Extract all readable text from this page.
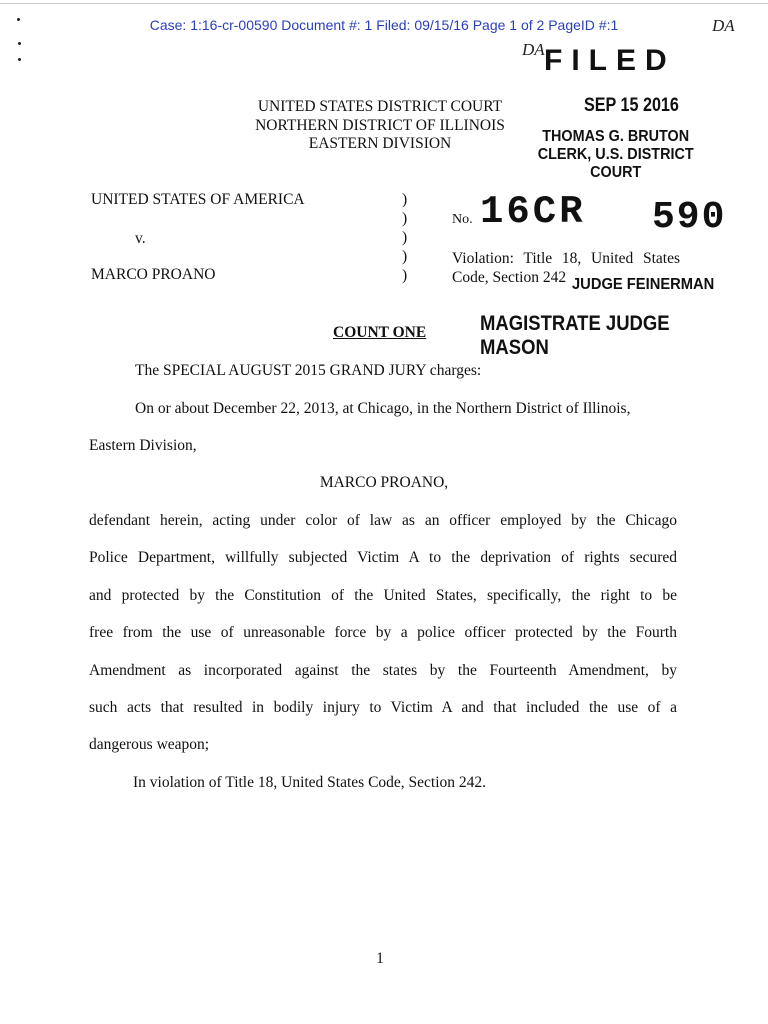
Case: 1:16-cr-00590 Document #: 1 Filed: 09/15/16 Page 1 of 2 PageID #:1	DA
DA FILED
SEP 15 2016
THOMAS G. BRUTON
CLERK, U.S. DISTRICT COURT
UNITED STATES DISTRICT COURT
NORTHERN DISTRICT OF ILLINOIS
EASTERN DIVISION
UNITED STATES OF AMERICA
v.
MARCO PROANO
)
)
)
)
)
No. 16CR 590
Violation: Title 18, United States Code, Section 242 JUDGE FEINERMAN
MAGISTRATE JUDGE MASON
COUNT ONE
The SPECIAL AUGUST 2015 GRAND JURY charges:
On or about December 22, 2013, at Chicago, in the Northern District of Illinois,
Eastern Division,
MARCO PROANO,
defendant herein, acting under color of law as an officer employed by the Chicago
Police Department, willfully subjected Victim A to the deprivation of rights secured
and protected by the Constitution of the United States, specifically, the right to be
free from the use of unreasonable force by a police officer protected by the Fourth
Amendment as incorporated against the states by the Fourteenth Amendment, by
such acts that resulted in bodily injury to Victim A and that included the use of a
dangerous weapon;
In violation of Title 18, United States Code, Section 242.
1
